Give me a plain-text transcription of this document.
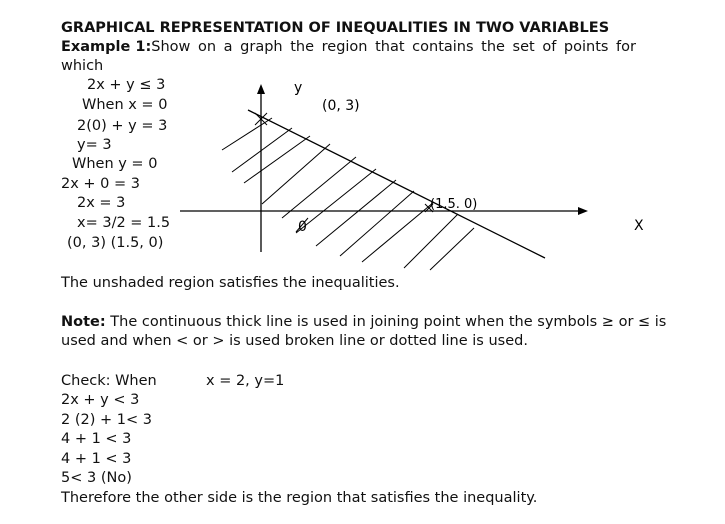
GRAPHICAL REPRESENTATION OF INEQUALITIES IN TWO VARIABLES
Example 1:Show on a graph the region that contains the set of points for
which
2x + y ≤ 3
When x = 0
2(0) + y = 3
y= 3
When y = 0
2x + 0 = 3
2x = 3
x= 3/2 = 1.5
(0, 3) (1.5, 0)
y
(0, 3)
(1.5. 0)
0	X
The unshaded region satisfies the inequalities.
Note: The continuous thick line is used in joining point when the symbols ≥ or ≤ is
used and when < or > is used broken line or dotted line is used.
Check: When	x = 2, y=1
2x + y < 3
2 (2) + 1< 3
4 + 1 < 3
4 + 1 < 3
5< 3 (No)
Therefore the other side is the region that satisfies the inequality.
